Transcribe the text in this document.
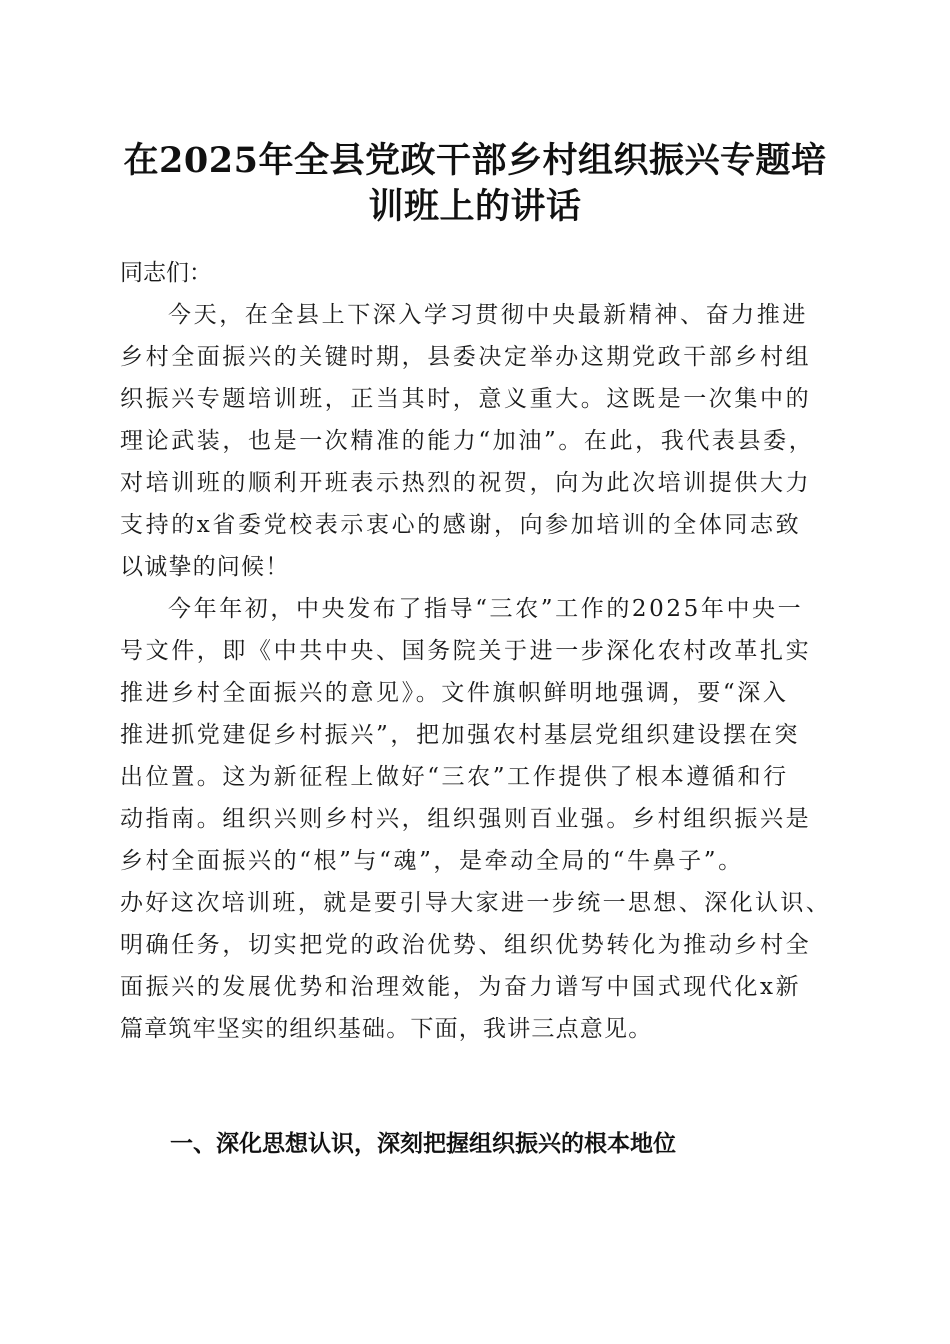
在2025年全县党政干部乡村组织振兴专题培
训班上的讲话

同志们：

今天，在全县上下深入学习贯彻中央最新精神、奋力推进
乡村全面振兴的关键时期，县委决定举办这期党政干部乡村组
织振兴专题培训班，正当其时，意义重大。这既是一次集中的
理论武装，也是一次精准的能力“加油”。在此，我代表县委，
对培训班的顺利开班表示热烈的祝贺，向为此次培训提供大力
支持的x省委党校表示衷心的感谢，向参加培训的全体同志致
以诚挚的问候！

今年年初，中央发布了指导“三农”工作的2025年中央一
号文件，即《中共中央、国务院关于进一步深化农村改革扎实
推进乡村全面振兴的意见》。文件旗帜鲜明地强调，要“深入
推进抓党建促乡村振兴”，把加强农村基层党组织建设摆在突
出位置。这为新征程上做好“三农”工作提供了根本遵循和行
动指南。组织兴则乡村兴，组织强则百业强。乡村组织振兴是
乡村全面振兴的“根”与“魂”，是牵动全局的“牛鼻子”。
办好这次培训班，就是要引导大家进一步统一思想、深化认识、
明确任务，切实把党的政治优势、组织优势转化为推动乡村全
面振兴的发展优势和治理效能，为奋力谱写中国式现代化x新
篇章筑牢坚实的组织基础。下面，我讲三点意见。

一、深化思想认识，深刻把握组织振兴的根本地位
